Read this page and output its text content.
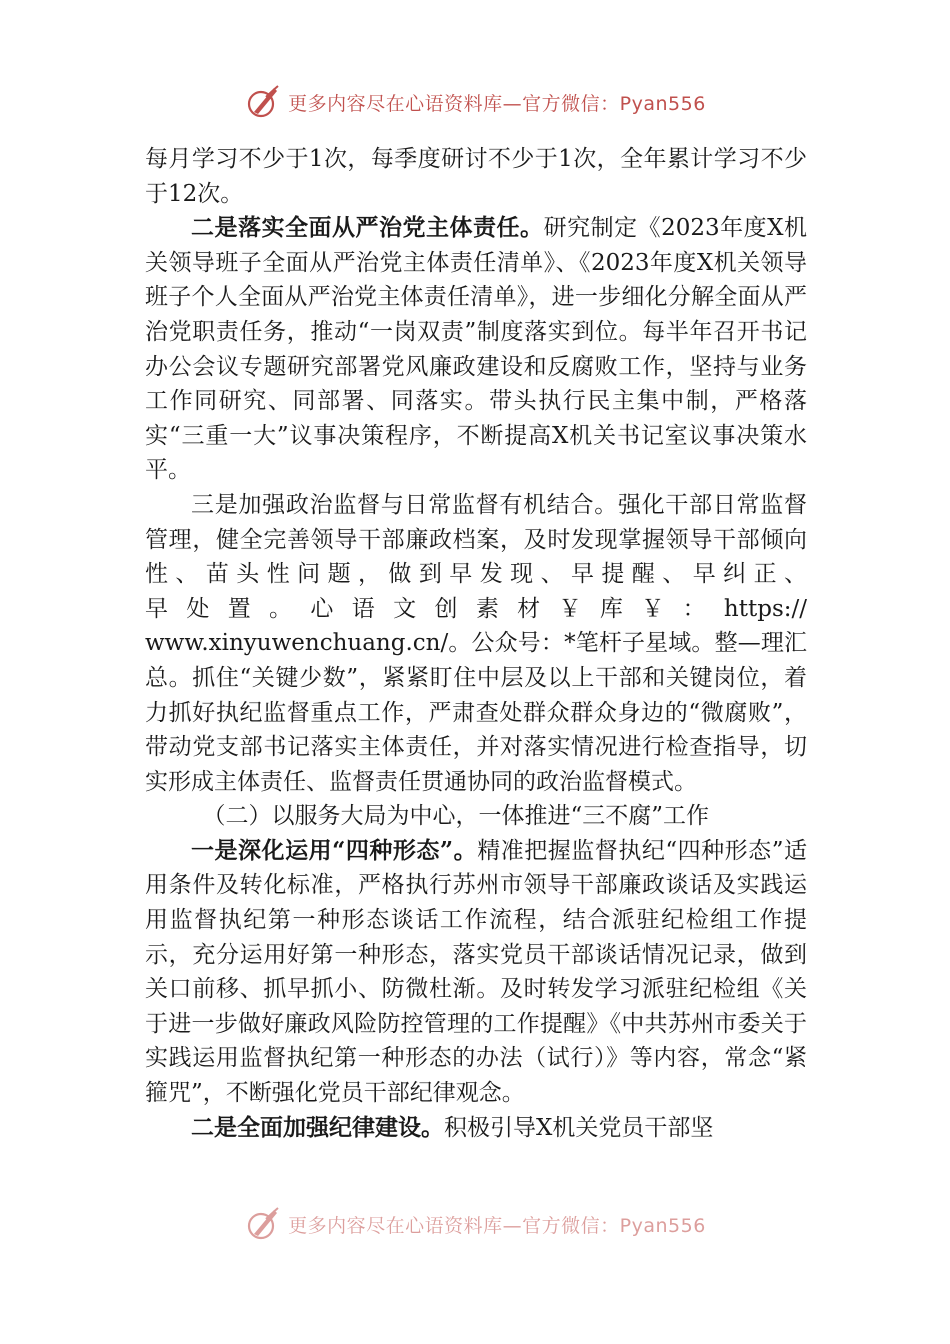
更多内容尽在心语资料库—官方微信：Pyan556

每月学习不少于1次，每季度研讨不少于1次，全年累计学习不少于12次。

二是落实全面从严治党主体责任。研究制定《2023年度X机关领导班子全面从严治党主体责任清单》、《2023年度X机关领导班子个人全面从严治党主体责任清单》，进一步细化分解全面从严治党职责任务，推动“一岗双责”制度落实到位。每半年召开书记办公会议专题研究部署党风廉政建设和反腐败工作，坚持与业务工作同研究、同部署、同落实。带头执行民主集中制，严格落实“三重一大”议事决策程序，不断提高X机关书记室议事决策水平。

三是加强政治监督与日常监督有机结合。强化干部日常监督管理，健全完善领导干部廉政档案，及时发现掌握领导干部倾向性、苗头性问题，做到早发现、早提醒、早纠正、

早处置。心语文创素材￥库￥：https://

www.xinyuwenchuang.cn/。公众号：*笔杆子星域。整—理汇总。抓住“关键少数”，紧紧盯住中层及以上干部和关键岗位，着力抓好执纪监督重点工作，严肃查处群众群众身边的“微腐败”，带动党支部书记落实主体责任，并对落实情况进行检查指导，切实形成主体责任、监督责任贯通协同的政治监督模式。

（二）以服务大局为中心，一体推进“三不腐”工作

一是深化运用“四种形态”。精准把握监督执纪“四种形态”适用条件及转化标准，严格执行苏州市领导干部廉政谈话及实践运用监督执纪第一种形态谈话工作流程，结合派驻纪检组工作提示，充分运用好第一种形态，落实党员干部谈话情况记录，做到关口前移、抓早抓小、防微杜渐。及时转发学习派驻纪检组《关于进一步做好廉政风险防控管理的工作提醒》《中共苏州市委关于实践运用监督执纪第一种形态的办法（试行）》等内容，常念“紧箍咒”，不断强化党员干部纪律观念。

二是全面加强纪律建设。积极引导X机关党员干部坚

更多内容尽在心语资料库—官方微信：Pyan556
